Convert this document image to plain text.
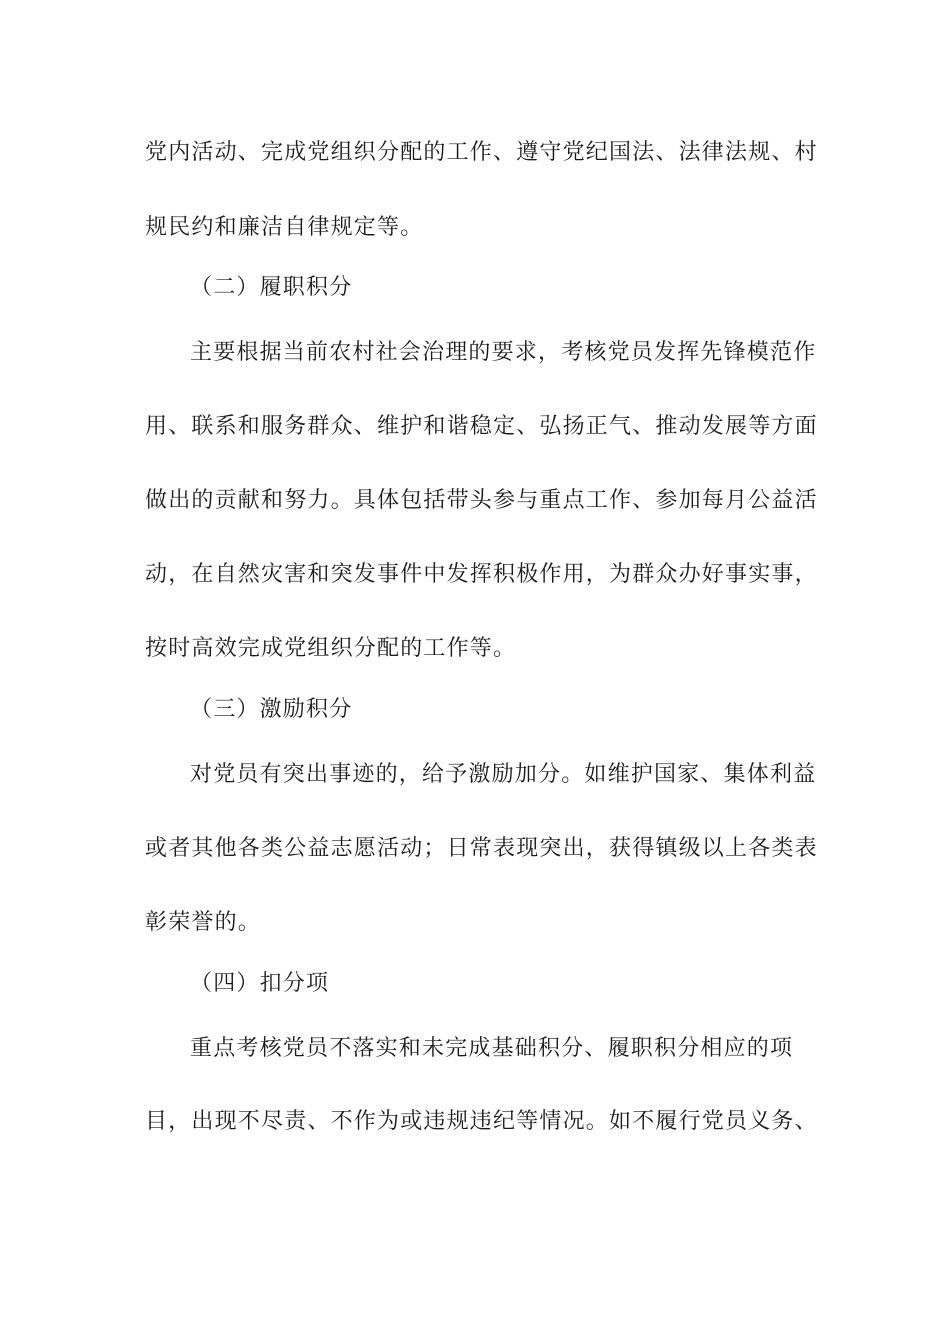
党内活动、完成党组织分配的工作、遵守党纪国法、法律法规、村
规民约和廉洁自律规定等。
（二）履职积分
主要根据当前农村社会治理的要求，考核党员发挥先锋模范作
用、联系和服务群众、维护和谐稳定、弘扬正气、推动发展等方面
做出的贡献和努力。具体包括带头参与重点工作、参加每月公益活
动，在自然灾害和突发事件中发挥积极作用，为群众办好事实事，
按时高效完成党组织分配的工作等。
（三）激励积分
对党员有突出事迹的，给予激励加分。如维护国家、集体利益
或者其他各类公益志愿活动；日常表现突出，获得镇级以上各类表
彰荣誉的。
（四）扣分项
重点考核党员不落实和未完成基础积分、履职积分相应的项
目，出现不尽责、不作为或违规违纪等情况。如不履行党员义务、
